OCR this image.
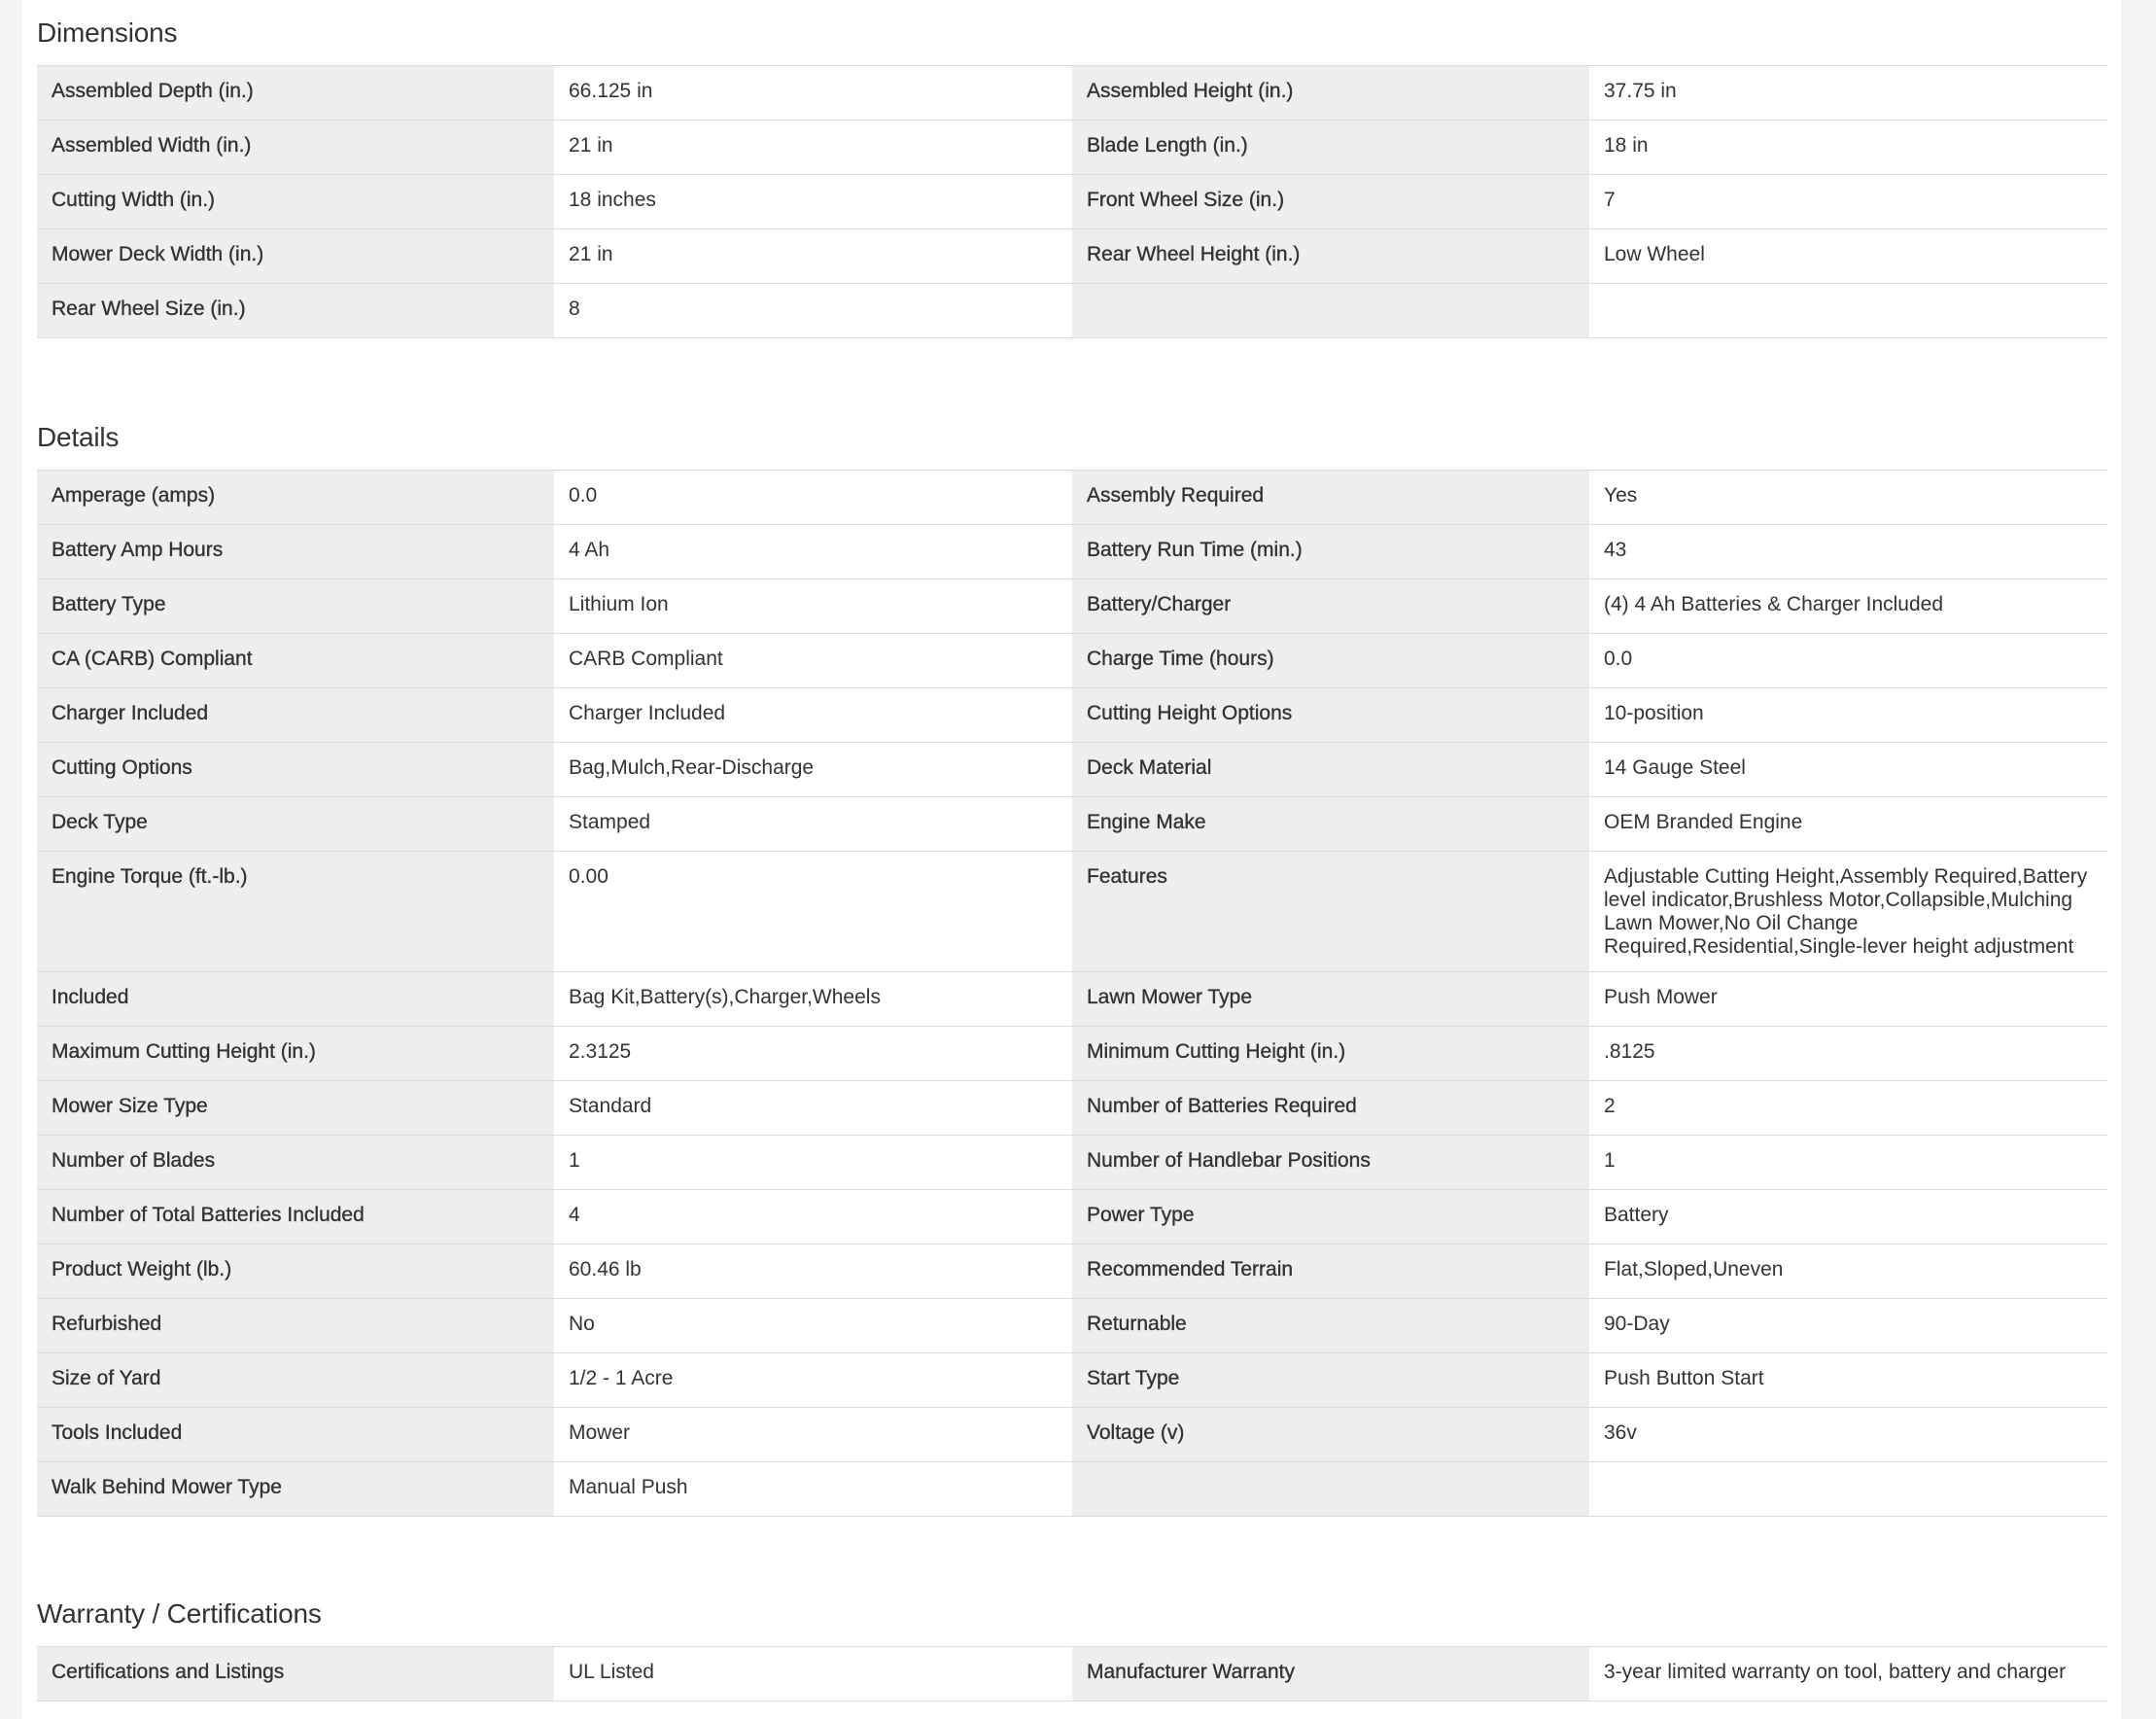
Dimensions
Assembled Depth (in.)	66.125 in	Assembled Height (in.)	37.75 in
Assembled Width (in.)	21 in	Blade Length (in.)	18 in
Cutting Width (in.)	18 inches	Front Wheel Size (in.)	7
Mower Deck Width (in.)	21 in	Rear Wheel Height (in.)	Low Wheel
Rear Wheel Size (in.)	8
Details
Amperage (amps)	0.0	Assembly Required	Yes
Battery Amp Hours	4 Ah	Battery Run Time (min.)	43
Battery Type	Lithium Ion	Battery/Charger	(4) 4 Ah Batteries & Charger Included
CA (CARB) Compliant	CARB Compliant	Charge Time (hours)	0.0
Charger Included	Charger Included	Cutting Height Options	10-position
Cutting Options	Bag,Mulch,Rear-Discharge	Deck Material	14 Gauge Steel
Deck Type	Stamped	Engine Make	OEM Branded Engine
Engine Torque (ft.-lb.)	0.00	Features	Adjustable Cutting Height,Assembly Required,Battery level indicator,Brushless Motor,Collapsible,Mulching Lawn Mower,No Oil Change Required,Residential,Single-lever height adjustment
Included	Bag Kit,Battery(s),Charger,Wheels	Lawn Mower Type	Push Mower
Maximum Cutting Height (in.)	2.3125	Minimum Cutting Height (in.)	.8125
Mower Size Type	Standard	Number of Batteries Required	2
Number of Blades	1	Number of Handlebar Positions	1
Number of Total Batteries Included	4	Power Type	Battery
Product Weight (lb.)	60.46 lb	Recommended Terrain	Flat,Sloped,Uneven
Refurbished	No	Returnable	90-Day
Size of Yard	1/2 - 1 Acre	Start Type	Push Button Start
Tools Included	Mower	Voltage (v)	36v
Walk Behind Mower Type	Manual Push
Warranty / Certifications
Certifications and Listings	UL Listed	Manufacturer Warranty	3-year limited warranty on tool, battery and charger
